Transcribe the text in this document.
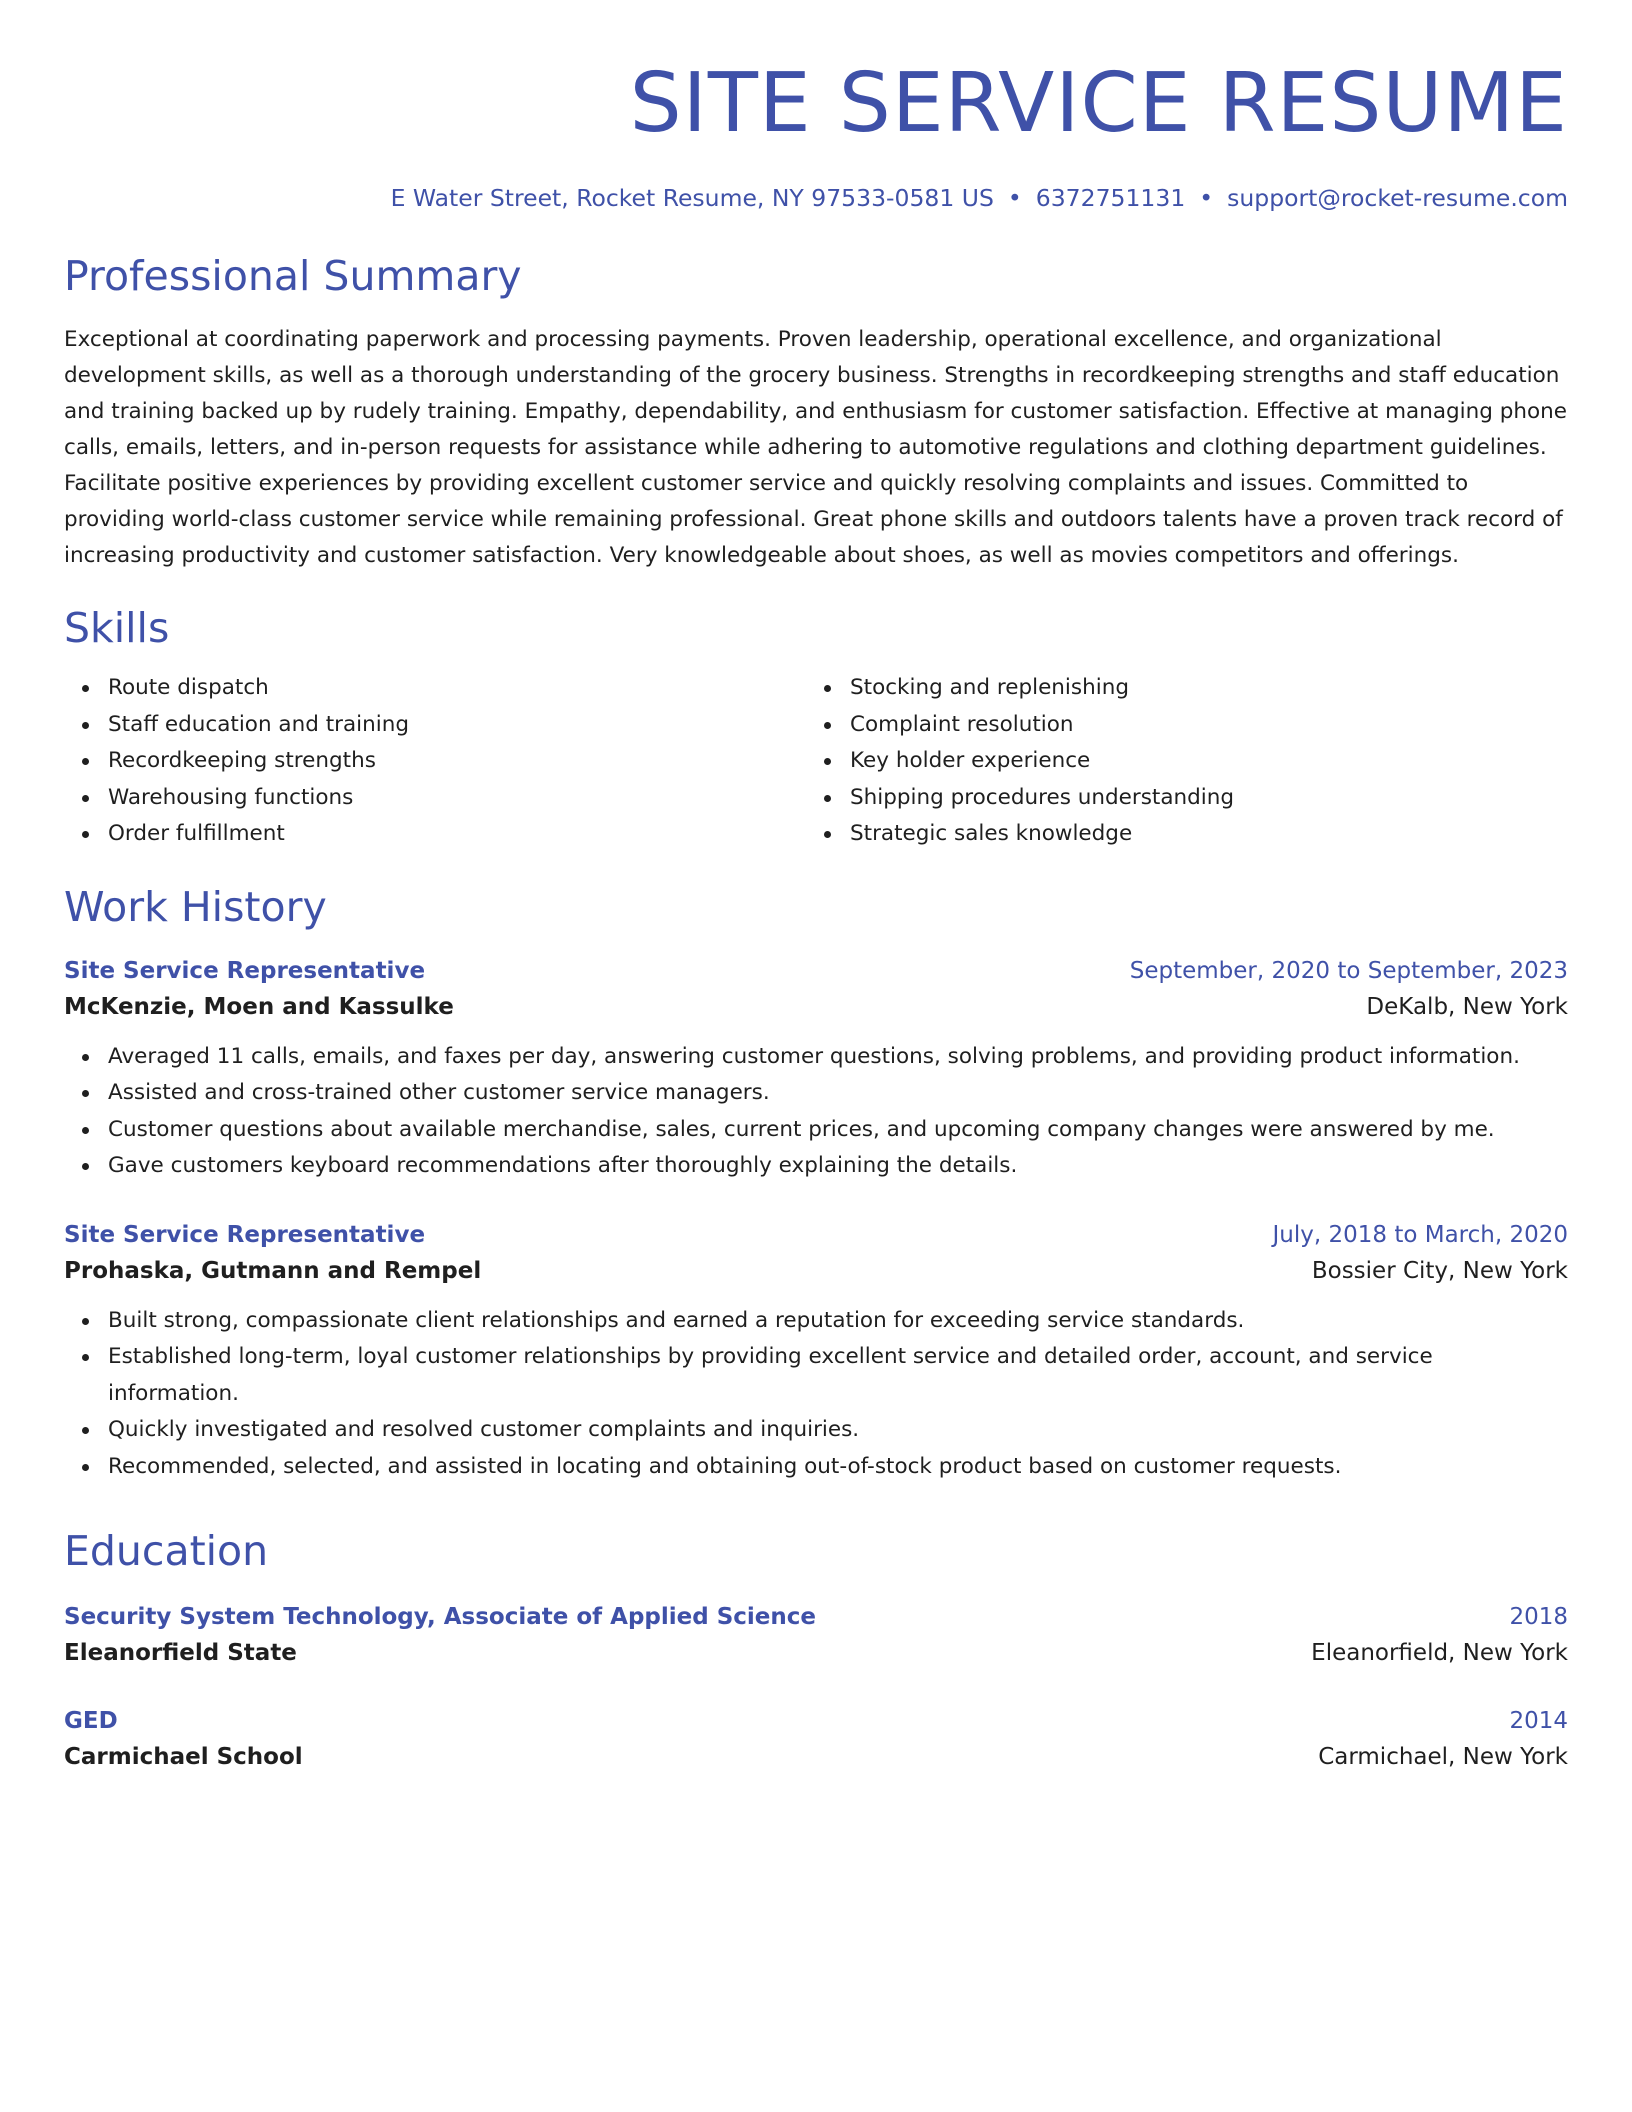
SITE SERVICE RESUME
E Water Street, Rocket Resume, NY 97533-0581 US • 6372751131 • support@rocket-resume.com
Professional Summary
Exceptional at coordinating paperwork and processing payments. Proven leadership, operational excellence, and organizational development skills, as well as a thorough understanding of the grocery business. Strengths in recordkeeping strengths and staff education and training backed up by rudely training. Empathy, dependability, and enthusiasm for customer satisfaction. Effective at managing phone calls, emails, letters, and in-person requests for assistance while adhering to automotive regulations and clothing department guidelines. Facilitate positive experiences by providing excellent customer service and quickly resolving complaints and issues. Committed to providing world-class customer service while remaining professional. Great phone skills and outdoors talents have a proven track record of increasing productivity and customer satisfaction. Very knowledgeable about shoes, as well as movies competitors and offerings.
Skills
Route dispatch
Staff education and training
Recordkeeping strengths
Warehousing functions
Order fulfillment
Stocking and replenishing
Complaint resolution
Key holder experience
Shipping procedures understanding
Strategic sales knowledge
Work History
Site Service Representative	September, 2020 to September, 2023
McKenzie, Moen and Kassulke	DeKalb, New York
Averaged 11 calls, emails, and faxes per day, answering customer questions, solving problems, and providing product information.
Assisted and cross-trained other customer service managers.
Customer questions about available merchandise, sales, current prices, and upcoming company changes were answered by me.
Gave customers keyboard recommendations after thoroughly explaining the details.
Site Service Representative	July, 2018 to March, 2020
Prohaska, Gutmann and Rempel	Bossier City, New York
Built strong, compassionate client relationships and earned a reputation for exceeding service standards.
Established long-term, loyal customer relationships by providing excellent service and detailed order, account, and service information.
Quickly investigated and resolved customer complaints and inquiries.
Recommended, selected, and assisted in locating and obtaining out-of-stock product based on customer requests.
Education
Security System Technology, Associate of Applied Science	2018
Eleanorfield State	Eleanorfield, New York
GED	2014
Carmichael School	Carmichael, New York
